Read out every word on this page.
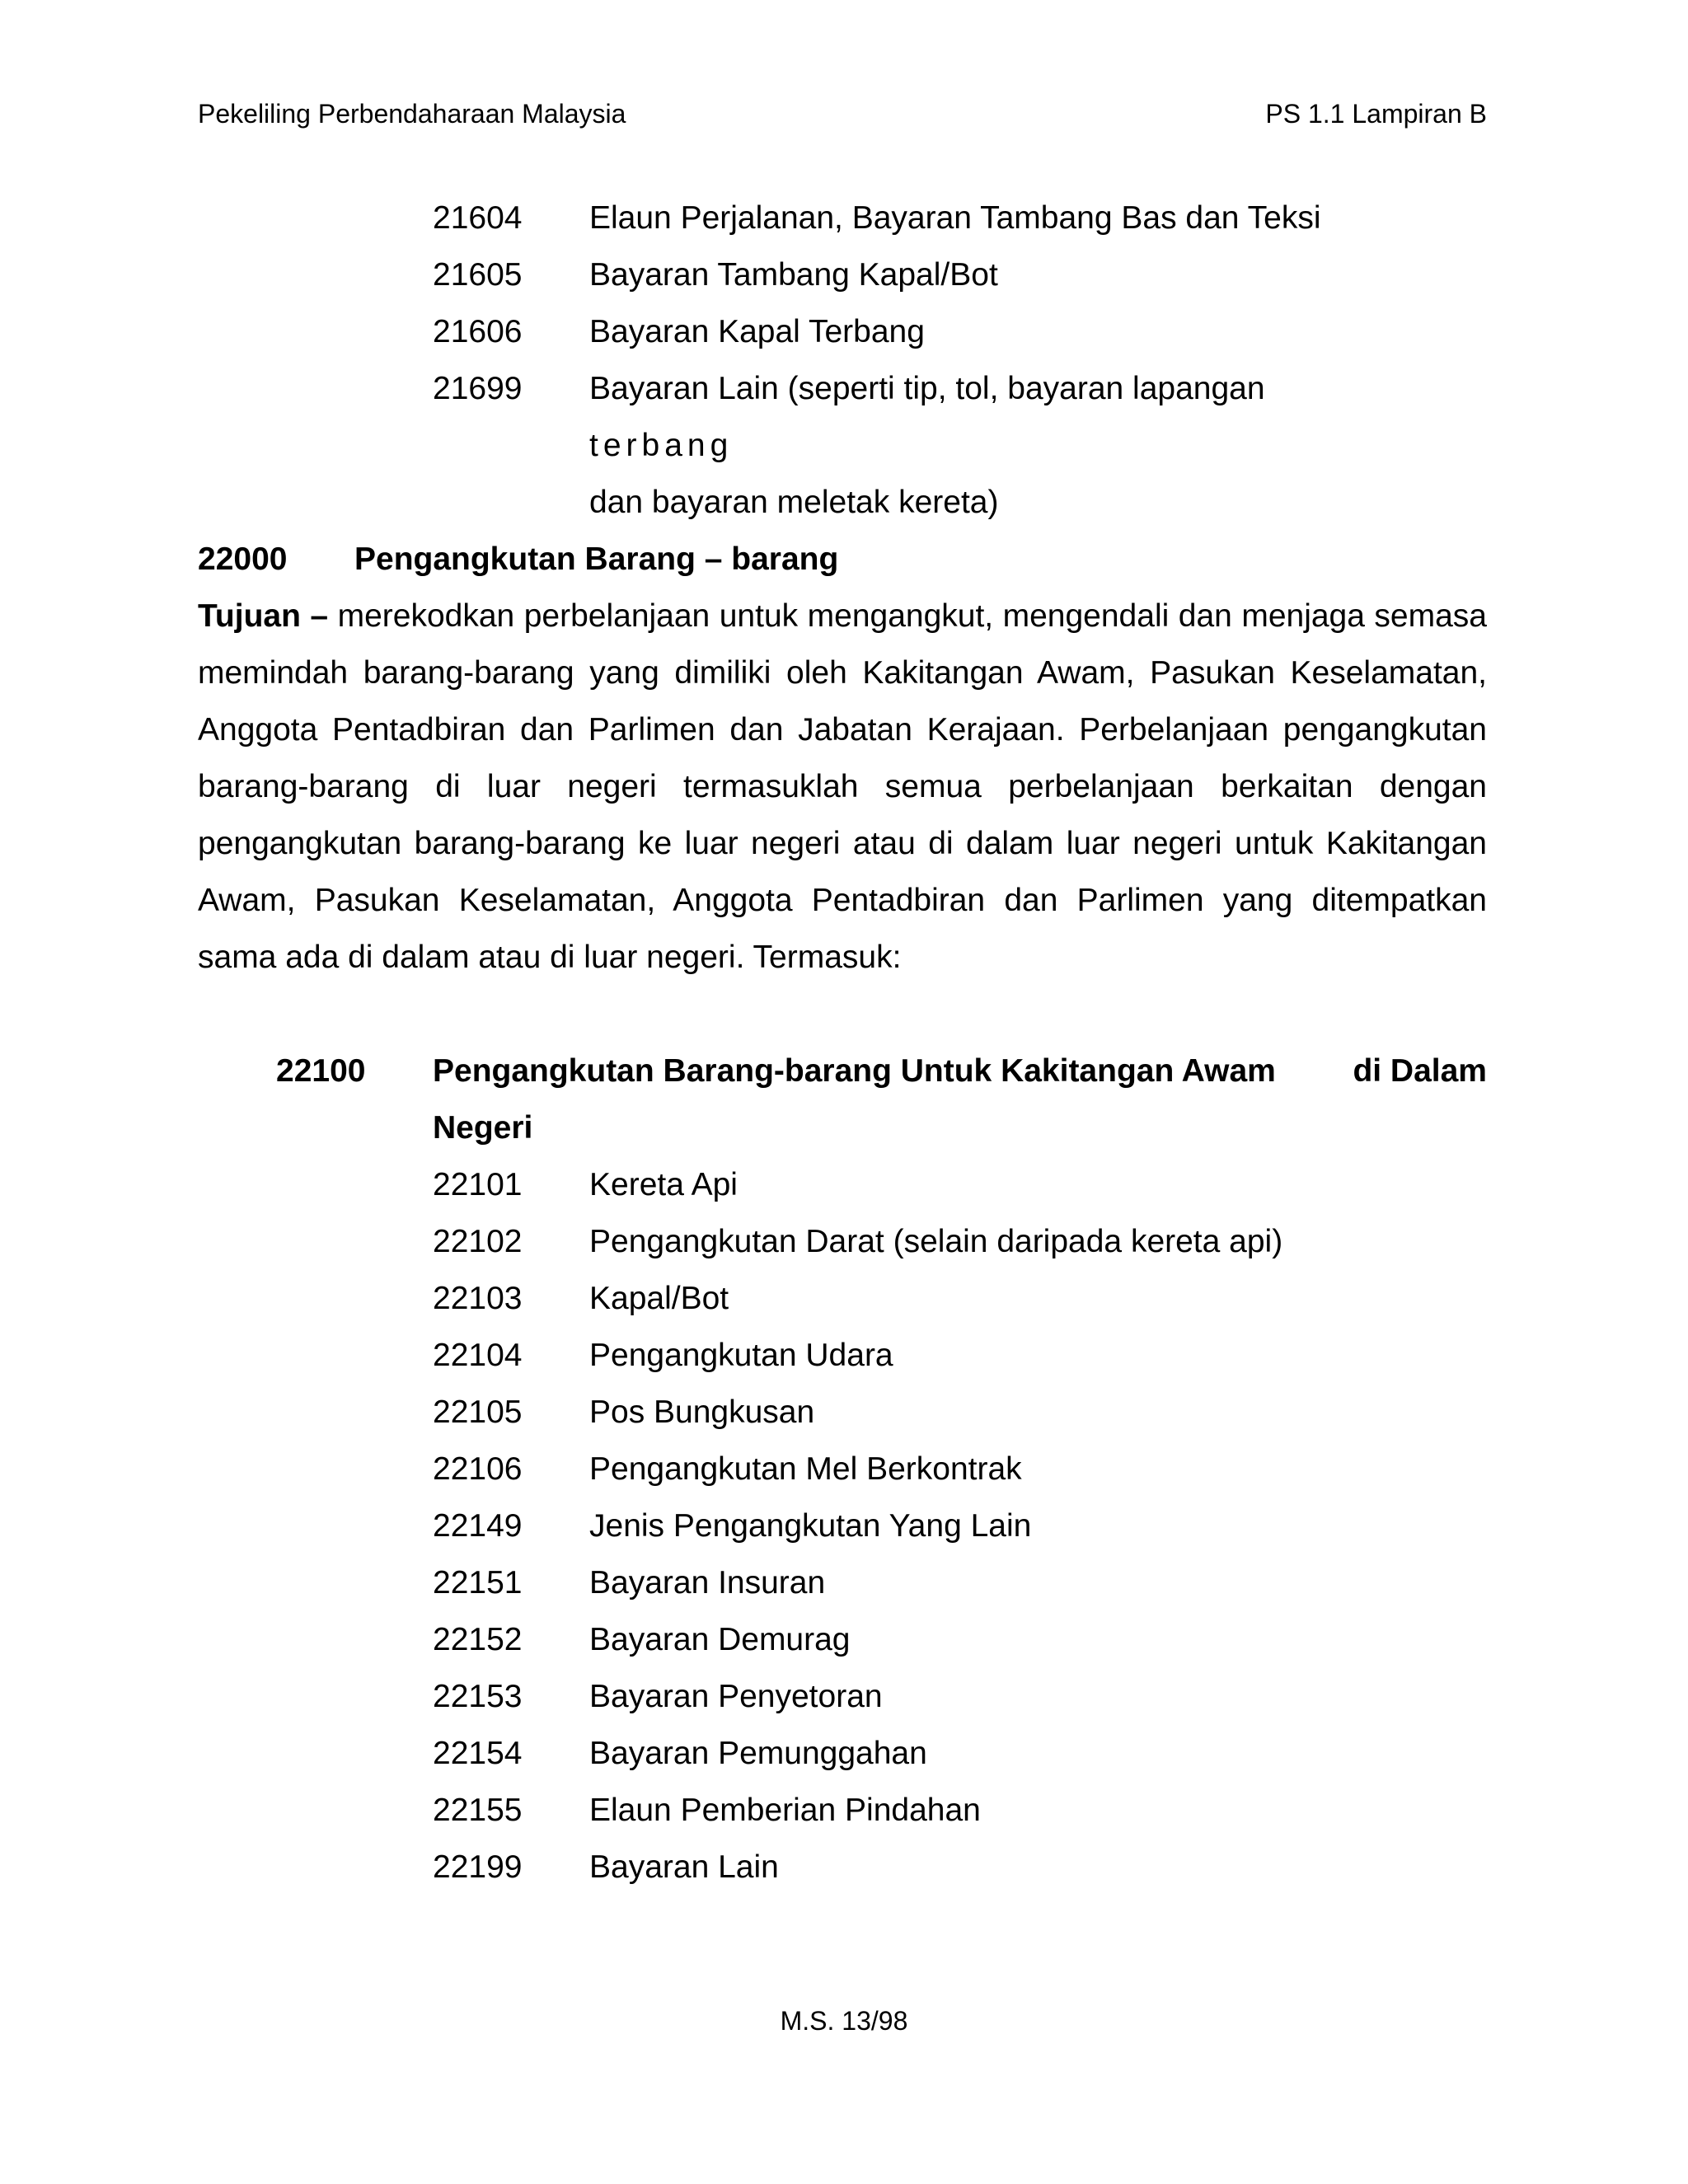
Pekeliling Perbendaharaan Malaysia	PS 1.1 Lampiran B
21604 Elaun Perjalanan, Bayaran Tambang Bas dan Teksi
21605 Bayaran Tambang Kapal/Bot
21606 Bayaran Kapal Terbang
21699 Bayaran Lain (seperti tip, tol, bayaran lapangan terbang
dan bayaran meletak kereta)
22000 Pengangkutan Barang – barang

Tujuan – merekodkan perbelanjaan untuk mengangkut, mengendali dan menjaga semasa memindah barang-barang yang dimiliki oleh Kakitangan Awam, Pasukan Keselamatan, Anggota Pentadbiran dan Parlimen dan Jabatan Kerajaan. Perbelanjaan pengangkutan barang-barang di luar negeri termasuklah semua perbelanjaan berkaitan dengan pengangkutan barang-barang ke luar negeri atau di dalam luar negeri untuk Kakitangan Awam, Pasukan Keselamatan, Anggota Pentadbiran dan Parlimen yang ditempatkan sama ada di dalam atau di luar negeri. Termasuk:

22100 Pengangkutan Barang-barang Untuk Kakitangan Awam di Dalam
Negeri
22101 Kereta Api
22102 Pengangkutan Darat (selain daripada kereta api)
22103 Kapal/Bot
22104 Pengangkutan Udara
22105 Pos Bungkusan
22106 Pengangkutan Mel Berkontrak
22149 Jenis Pengangkutan Yang Lain
22151 Bayaran Insuran
22152 Bayaran Demurag
22153 Bayaran Penyetoran
22154 Bayaran Pemunggahan
22155 Elaun Pemberian Pindahan
22199 Bayaran Lain
M.S. 13/98
